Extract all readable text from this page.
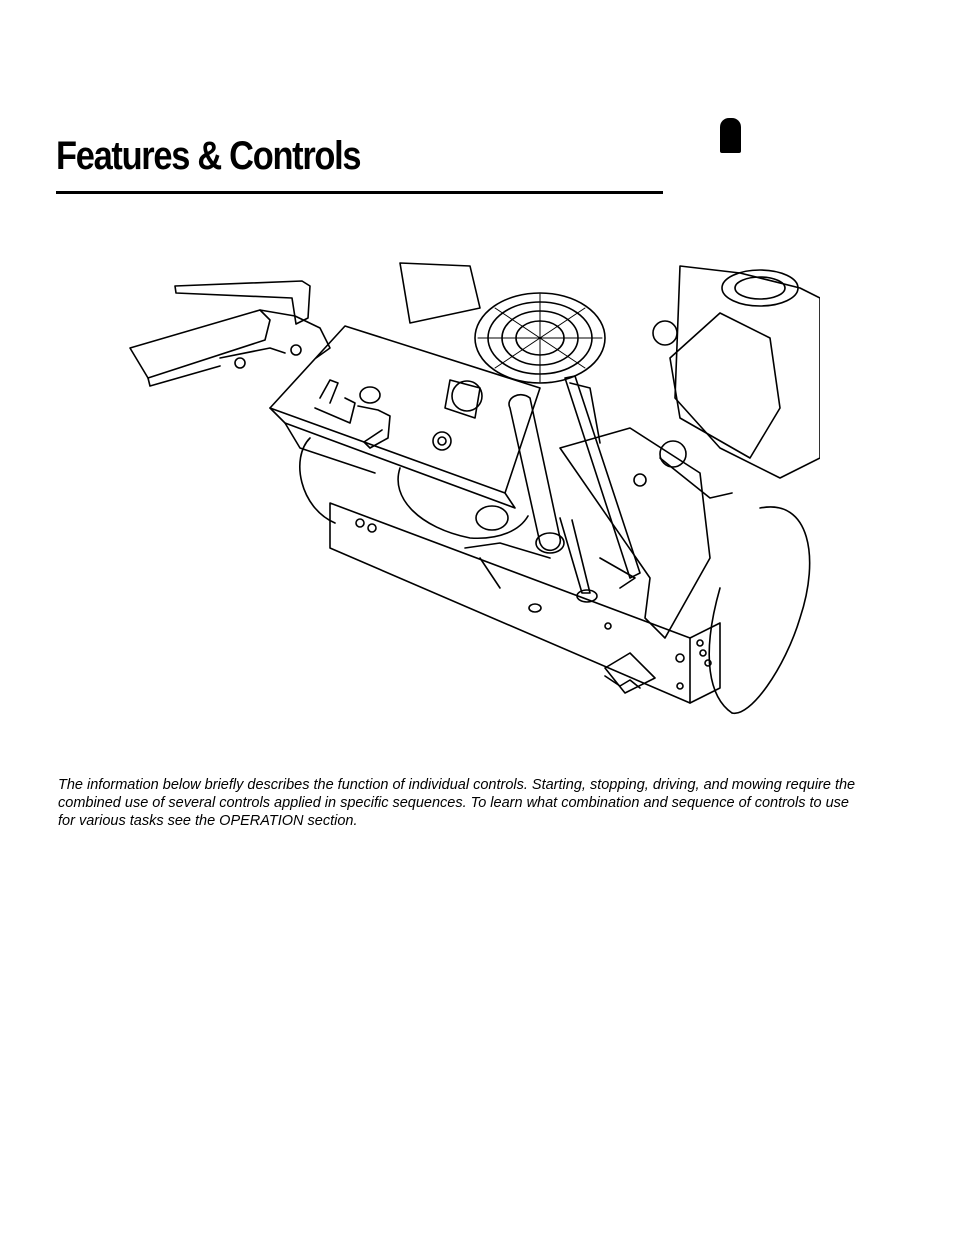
Features & Controls
The information below briefly describes the function of individual controls. Starting, stopping, driving, and mowing require the combined use of several controls applied in specific sequences. To learn what combination and sequence of controls to use for various tasks see the OPERATION section.
